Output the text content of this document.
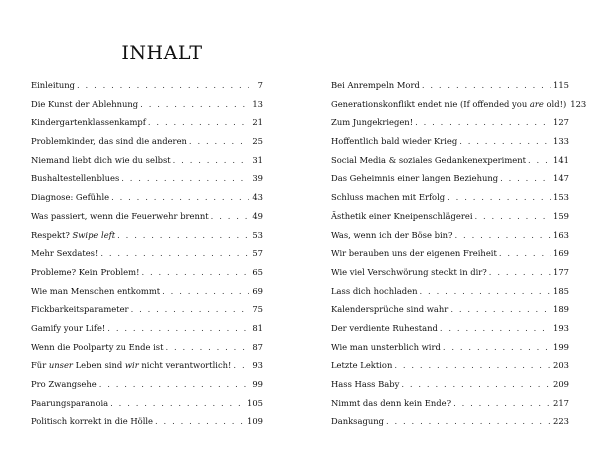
INHALT
Einleitung . . .	7
Die Kunst der Ablehnung . . .	13
Kindergartenklassenkampf . . .	21
Problemkinder, das sind die anderen . . .	25
Niemand liebt dich wie du selbst . . .	31
Bushaltestellenblues . . .	39
Diagnose: Gefühle . . .	43
Was passiert, wenn die Feuerwehr brennt . . .	49
Respekt? Swipe left . . .	53
Mehr Sexdates! . . .	57
Probleme? Kein Problem! . . .	65
Wie man Menschen entkommt . . .	69
Fickbarkeitsparameter . . .	75
Gamify your Life! . . .	81
Wenn die Poolparty zu Ende ist . . .	87
Für unser Leben sind wir nicht verantwortlich! . . . 93
Pro Zwangsehe . . .	99
Paarungsparanoia . . .	105
Politisch korrekt in die Hölle . . .	109
Bei Anrempeln Mord . . .	115
Generationskonflikt endet nie (If offended you are old!) 123
Zum Jungekriegen! . . .	127
Hoffentlich bald wieder Krieg . . .	133
Social Media & soziales Gedankenexperiment . . .	141
Das Geheimnis einer langen Beziehung . . .	147
Schluss machen mit Erfolg . . .	153
Ästhetik einer Kneipenschlägerei . . .	159
Was, wenn ich der Böse bin? . . .	163
Wir berauben uns der eigenen Freiheit . . .	169
Wie viel Verschwörung steckt in dir? . . .	177
Lass dich hochladen . . .	185
Kalendersprüche sind wahr . . .	189
Der verdiente Ruhestand . . .	193
Wie man unsterblich wird . . .	199
Letzte Lektion . . .	203
Hass Hass Baby . . .	209
Nimmt das denn kein Ende? . . .	217
Danksagung . . .	223
